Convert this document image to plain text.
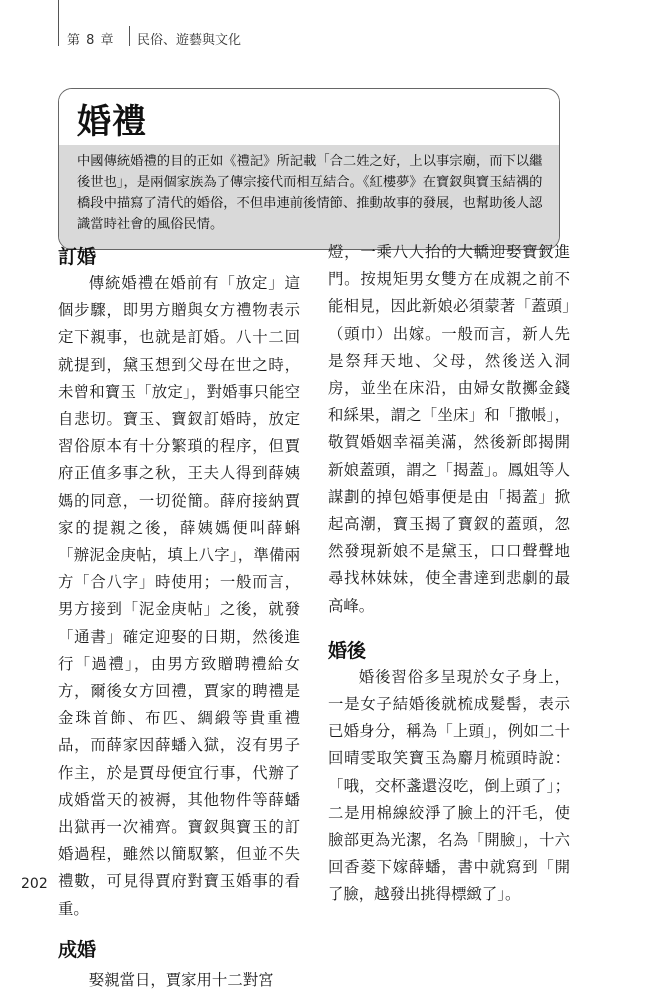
第 8 章 民俗、遊藝與文化
婚禮
中國傳統婚禮的目的正如《禮記》所記載「合二姓之好，上以事宗廟，而下以繼後世也」，是兩個家族為了傳宗接代而相互結合。《紅樓夢》在寶釵與寶玉結禑的橋段中描寫了清代的婚俗，不但串連前後情節、推動故事的發展，也幫助後人認識當時社會的風俗民情。
訂婚

傳統婚禮在婚前有「放定」這個步驟，即男方贈與女方禮物表示定下親事，也就是訂婚。八十二回就提到，黛玉想到父母在世之時，未曾和寶玉「放定」，對婚事只能空自悲切。寶玉、寶釵訂婚時，放定習俗原本有十分繁瑣的程序，但賈府正值多事之秋，王夫人得到薛姨媽的同意，一切從簡。薛府接納賈家的提親之後，薛姨媽便叫薛蝌「辦泥金庚帖，填上八字」，準備兩方「合八字」時使用；一般而言，男方接到「泥金庚帖」之後，就發「通書」確定迎娶的日期，然後進行「過禮」，由男方致贈聘禮給女方，爾後女方回禮，賈家的聘禮是金珠首飾、布匹、綢緞等貴重禮品，而薛家因薛蟠入獄，沒有男子作主，於是賈母便宜行事，代辦了成婚當天的被褥，其他物件等薛蟠出獄再一次補齊。寶釵與寶玉的訂婚過程，雖然以簡馭繁，但並不失禮數，可見得賈府對寶玉婚事的看重。

成婚

娶親當日，賈家用十二對宮

燈，一乘八人抬的大轎迎娶寶釵進門。按規矩男女雙方在成親之前不能相見，因此新娘必須蒙著「蓋頭」（頭巾）出嫁。一般而言，新人先是祭拜天地、父母，然後送入洞房，並坐在床沿，由婦女散擲金錢和綵果，謂之「坐床」和「撒帳」，敬賀婚姻幸福美滿，然後新郎揭開新娘蓋頭，謂之「揭蓋」。鳳姐等人謀劃的掉包婚事便是由「揭蓋」掀起高潮，寶玉揭了寶釵的蓋頭，忽然發現新娘不是黛玉，口口聲聲地尋找林妹妹，使全書達到悲劇的最高峰。

婚後

婚後習俗多呈現於女子身上，一是女子結婚後就梳成髮髻，表示已婚身分，稱為「上頭」，例如二十回晴雯取笑寶玉為麝月梳頭時說：「哦，交杯盞還沒吃，倒上頭了」；二是用棉線絞淨了臉上的汗毛，使臉部更為光潔，名為「開臉」，十六回香菱下嫁薛蟠，書中就寫到「開了臉，越發出挑得標緻了」。

202
